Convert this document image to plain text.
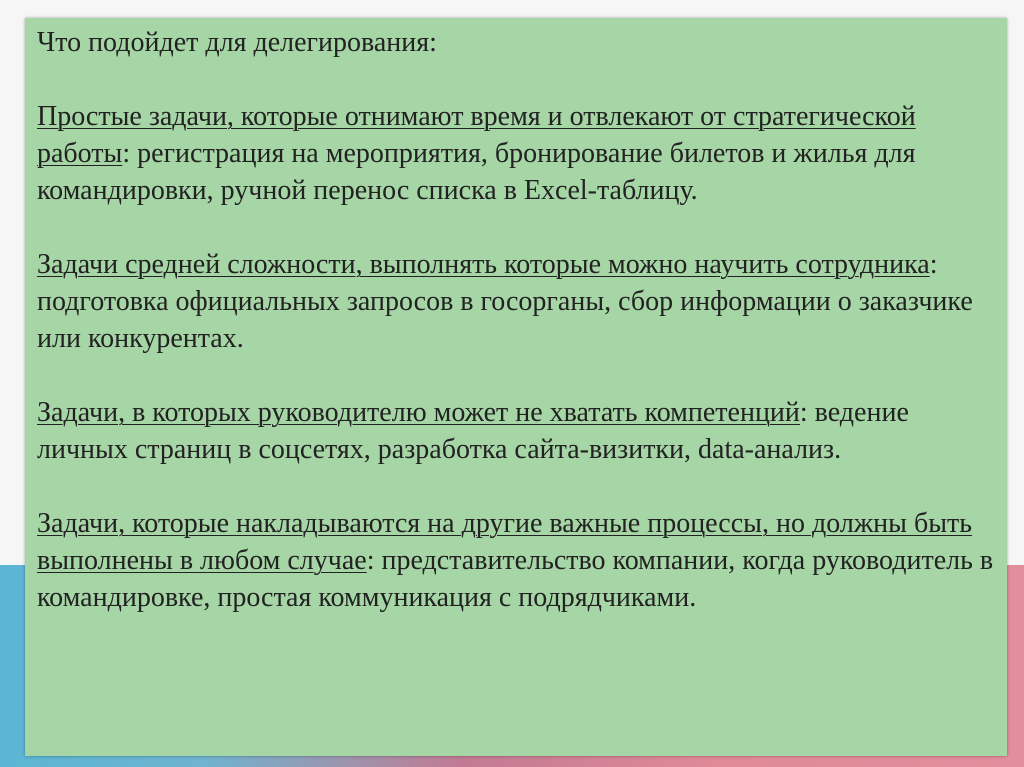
Что подойдет для делегирования:

Простые задачи, которые отнимают время и отвлекают от стратегической работы: регистрация на мероприятия, бронирование билетов и жилья для командировки, ручной перенос списка в Excel-таблицу.

Задачи средней сложности, выполнять которые можно научить сотрудника: подготовка официальных запросов в госорганы, сбор информации о заказчике или конкурентах.

Задачи, в которых руководителю может не хватать компетенций: ведение личных страниц в соцсетях, разработка сайта-визитки, data-анализ.

Задачи, которые накладываются на другие важные процессы, но должны быть выполнены в любом случае: представительство компании, когда руководитель в командировке, простая коммуникация с подрядчиками.
